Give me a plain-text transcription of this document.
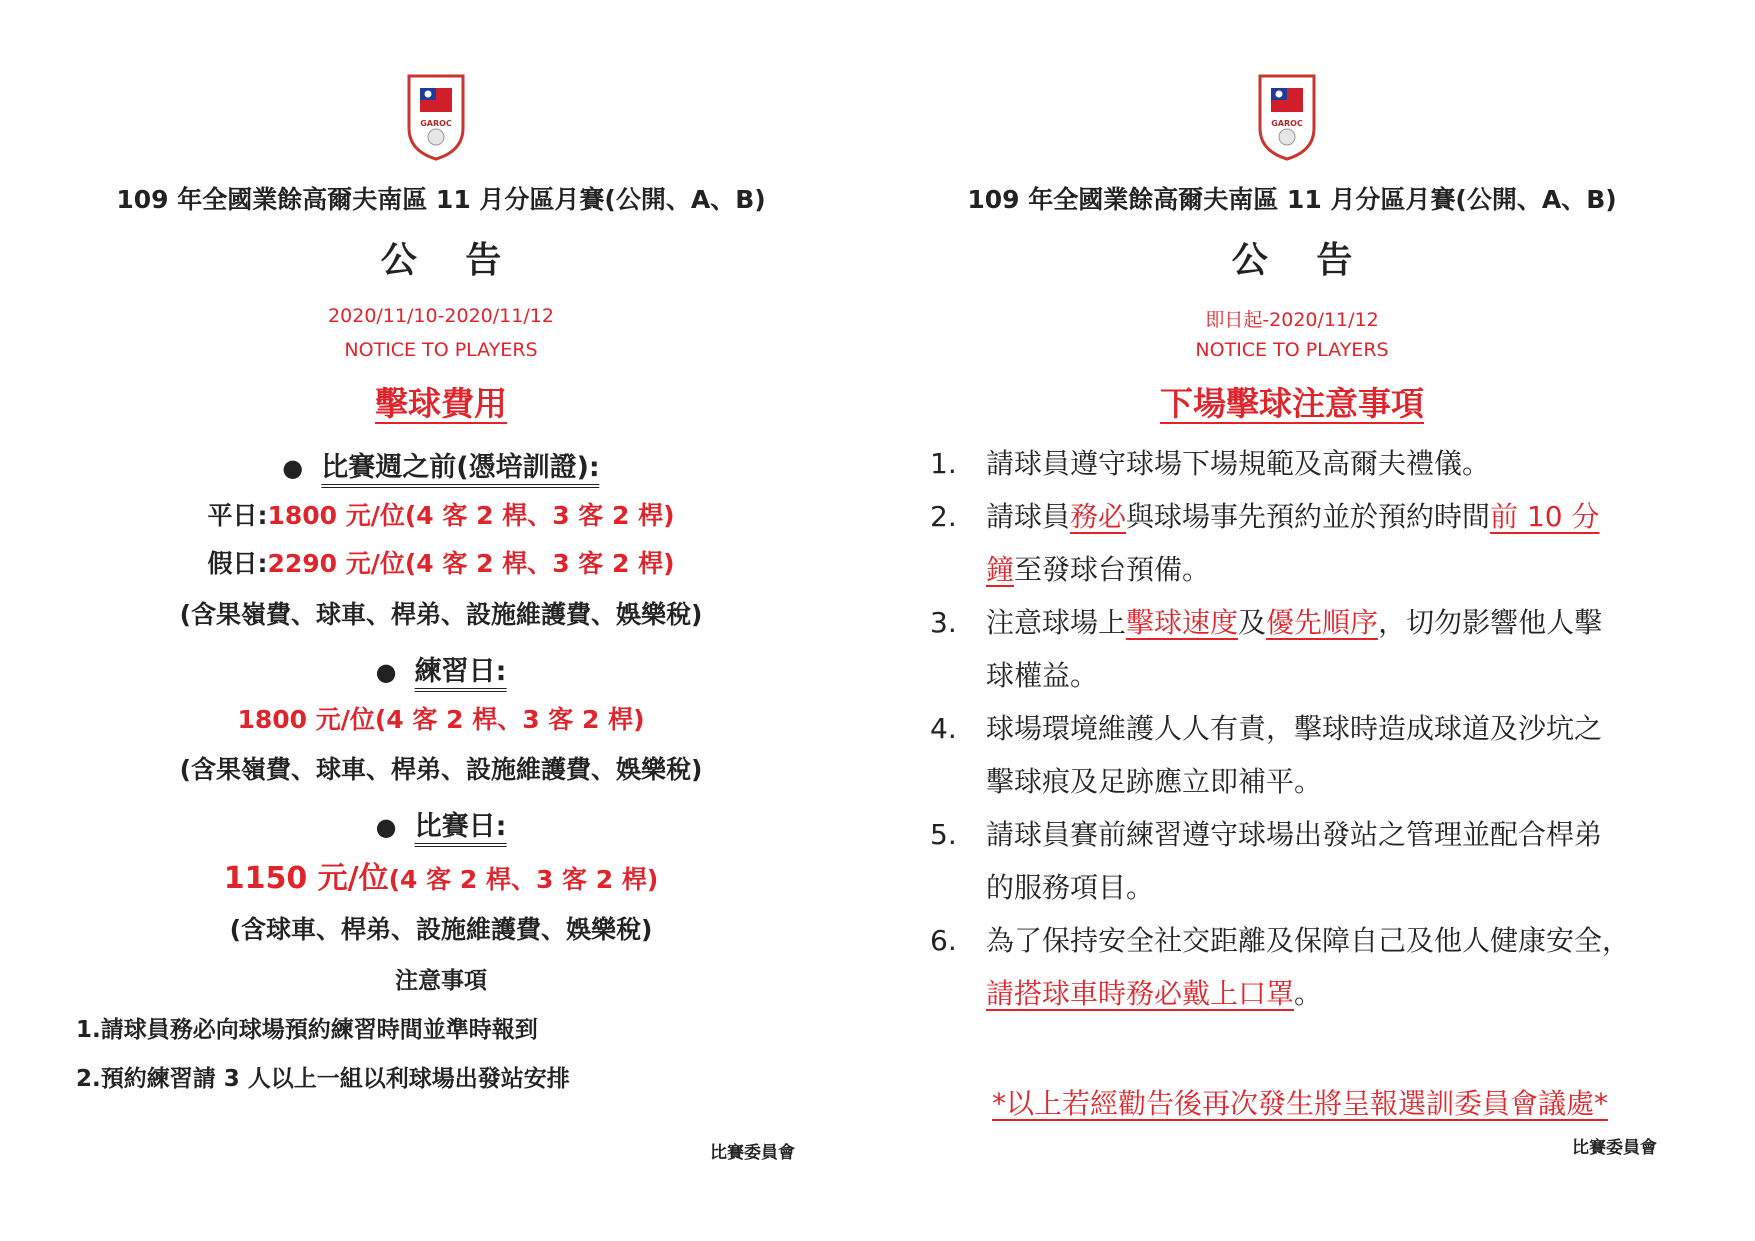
GAROC
109 年全國業餘高爾夫南區 11 月分區月賽(公開、A、B)
公 告
2020/11/10-2020/11/12
NOTICE TO PLAYERS
擊球費用
● 比賽週之前(憑培訓證):
平日:1800 元/位(4 客 2 桿、3 客 2 桿)
假日:2290 元/位(4 客 2 桿、3 客 2 桿)
(含果嶺費、球車、桿弟、設施維護費、娛樂稅)
● 練習日:
1800 元/位(4 客 2 桿、3 客 2 桿)
(含果嶺費、球車、桿弟、設施維護費、娛樂稅)
● 比賽日:
1150 元/位(4 客 2 桿、3 客 2 桿)
(含球車、桿弟、設施維護費、娛樂稅)
注意事項
1.請球員務必向球場預約練習時間並準時報到
2.預約練習請 3 人以上一組以利球場出發站安排
比賽委員會
GAROC
109 年全國業餘高爾夫南區 11 月分區月賽(公開、A、B)
公 告
即日起-2020/11/12
NOTICE TO PLAYERS
下場擊球注意事項
1. 請球員遵守球場下場規範及高爾夫禮儀。
2. 請球員務必與球場事先預約並於預約時間前 10 分
鐘至發球台預備。
3. 注意球場上擊球速度及優先順序，切勿影響他人擊
球權益。
4. 球場環境維護人人有責，擊球時造成球道及沙坑之
擊球痕及足跡應立即補平。
5. 請球員賽前練習遵守球場出發站之管理並配合桿弟
的服務項目。
6. 為了保持安全社交距離及保障自己及他人健康安全，
請搭球車時務必戴上口罩。
*以上若經勸告後再次發生將呈報選訓委員會議處*
比賽委員會
